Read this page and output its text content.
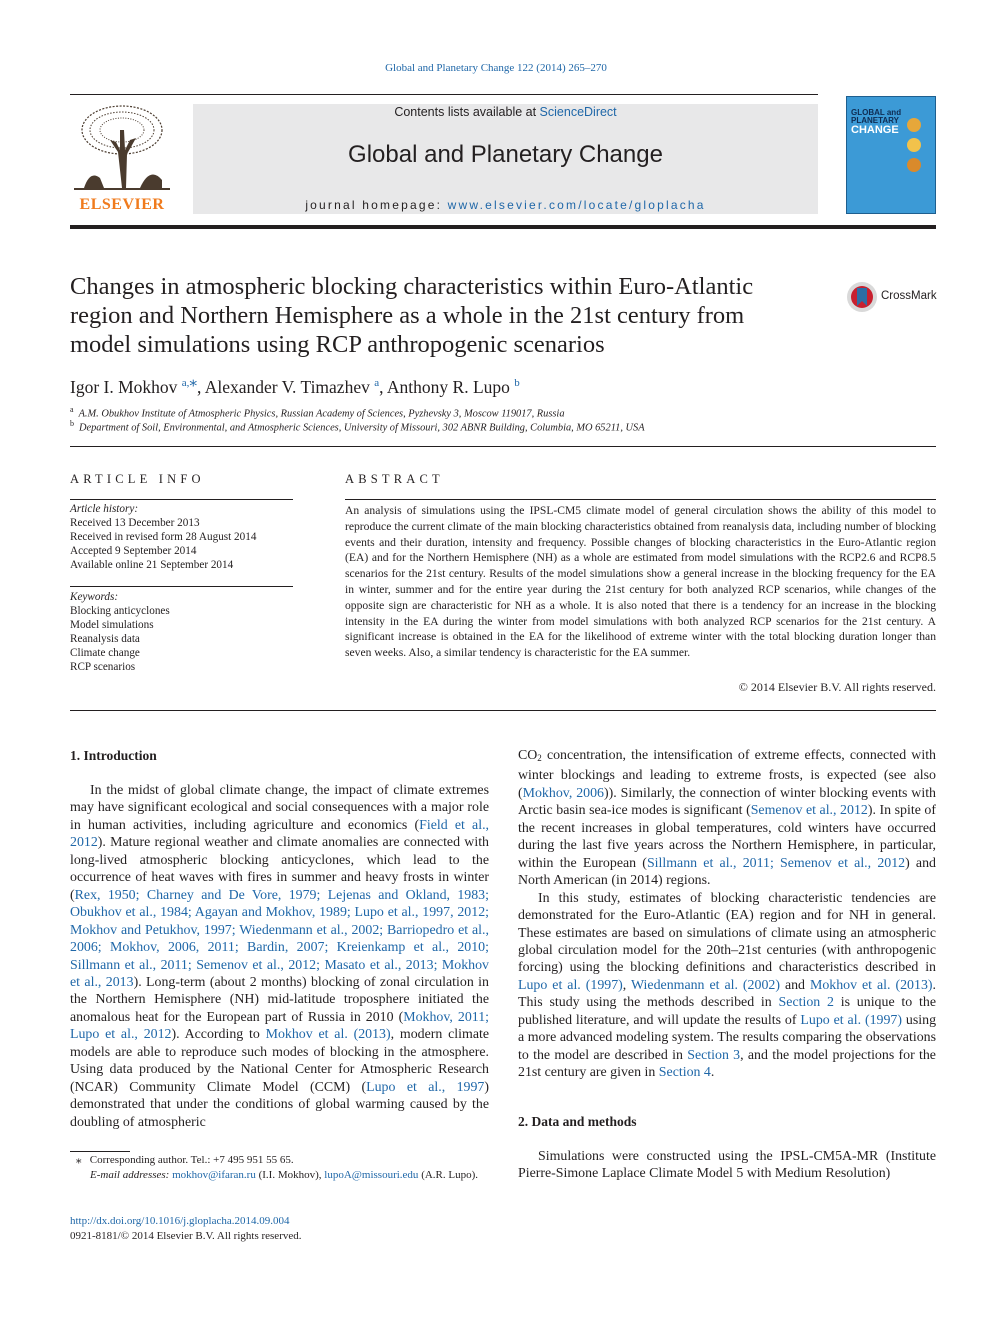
Global and Planetary Change 122 (2014) 265–270
ELSEVIER
Contents lists available at ScienceDirect
Global and Planetary Change
journal homepage: www.elsevier.com/locate/gloplacha
GLOBAL and
PLANETARY
CHANGE
Changes in atmospheric blocking characteristics within Euro-Atlantic region and Northern Hemisphere as a whole in the 21st century from model simulations using RCP anthropogenic scenarios
CrossMark
Igor I. Mokhov $^{a,⁎}$, Alexander V. Timazhev $^a$, Anthony R. Lupo $^b$
$^a$ A.M. Obukhov Institute of Atmospheric Physics, Russian Academy of Sciences, Pyzhevsky 3, Moscow 119017, Russia
$^b$ Department of Soil, Environmental, and Atmospheric Sciences, University of Missouri, 302 ABNR Building, Columbia, MO 65211, USA
ARTICLE INFO
Article history:
Received 13 December 2013
Received in revised form 28 August 2014
Accepted 9 September 2014
Available online 21 September 2014
Keywords:
Blocking anticyclones
Model simulations
Reanalysis data
Climate change
RCP scenarios
ABSTRACT
An analysis of simulations using the IPSL-CM5 climate model of general circulation shows the ability of this model to reproduce the current climate of the main blocking characteristics obtained from reanalysis data, including number of blocking events and their duration, intensity and frequency. Possible changes of blocking characteristics in the Euro-Atlantic region (EA) and for the Northern Hemisphere (NH) as a whole are estimated from model simulations with the RCP2.6 and RCP8.5 scenarios for the 21st century. Results of the model simulations show a general increase in the blocking frequency for the EA in winter, summer and for the entire year during the 21st century for both analyzed RCP scenarios, while changes of the opposite sign are characteristic for NH as a whole. It is also noted that there is a tendency for an increase in the blocking intensity in the EA during the winter from model simulations with both analyzed RCP scenarios for the 21st century. A significant increase is obtained in the EA for the likelihood of extreme winter with the total blocking duration longer than seven weeks. Also, a similar tendency is characteristic for the EA summer.
© 2014 Elsevier B.V. All rights reserved.
1. Introduction

In the midst of global climate change, the impact of climate extremes may have significant ecological and social consequences with a major role in human activities, including agriculture and economics (Field et al., 2012). Mature regional weather and climate anomalies are connected with long-lived atmospheric blocking anticyclones, which lead to the occurrence of heat waves with fires in summer and heavy frosts in winter (Rex, 1950; Charney and De Vore, 1979; Lejenas and Okland, 1983; Obukhov et al., 1984; Agayan and Mokhov, 1989; Lupo et al., 1997, 2012; Mokhov and Petukhov, 1997; Wiedenmann et al., 2002; Barriopedro et al., 2006; Mokhov, 2006, 2011; Bardin, 2007; Kreienkamp et al., 2010; Sillmann et al., 2011; Semenov et al., 2012; Masato et al., 2013; Mokhov et al., 2013). Long-term (about 2 months) blocking of zonal circulation in the Northern Hemisphere (NH) mid-latitude troposphere initiated the anomalous heat for the European part of Russia in 2010 (Mokhov, 2011; Lupo et al., 2012). According to Mokhov et al. (2013), modern climate models are able to reproduce such modes of blocking in the atmosphere. Using data produced by the National Center for Atmospheric Research (NCAR) Community Climate Model (CCM) (Lupo et al., 1997) demonstrated that under the conditions of global warming caused by the doubling of atmospheric

$CO_2$ concentration, the intensification of extreme effects, connected with winter blockings and leading to extreme frosts, is expected (see also (Mokhov, 2006)). Similarly, the connection of winter blocking events with Arctic basin sea-ice modes is significant (Semenov et al., 2012). In spite of the recent increases in global temperatures, cold winters have occurred during the last five years across the Northern Hemisphere, in particular, within the European (Sillmann et al., 2011; Semenov et al., 2012) and North American (in 2014) regions.

In this study, estimates of blocking characteristic tendencies are demonstrated for the Euro-Atlantic (EA) region and for NH in general. These estimates are based on simulations of climate using an atmospheric global circulation model for the 20th–21st centuries (with anthropogenic forcing) using the blocking definitions and characteristics described in Lupo et al. (1997), Wiedenmann et al. (2002) and Mokhov et al. (2013). This study using the methods described in Section 2 is unique to the published literature, and will update the results of Lupo et al. (1997) using a more advanced modeling system. The results comparing the observations to the model are described in Section 3, and the model projections for the 21st century are given in Section 4.

2. Data and methods

Simulations were constructed using the IPSL-CM5A-MR (Institute Pierre-Simone Laplace Climate Model 5 with Medium Resolution)

⁎ Corresponding author. Tel.: +7 495 951 55 65.
E-mail addresses: mokhov@ifaran.ru (I.I. Mokhov), lupoA@missouri.edu (A.R. Lupo).
http://dx.doi.org/10.1016/j.gloplacha.2014.09.004
0921-8181/© 2014 Elsevier B.V. All rights reserved.
